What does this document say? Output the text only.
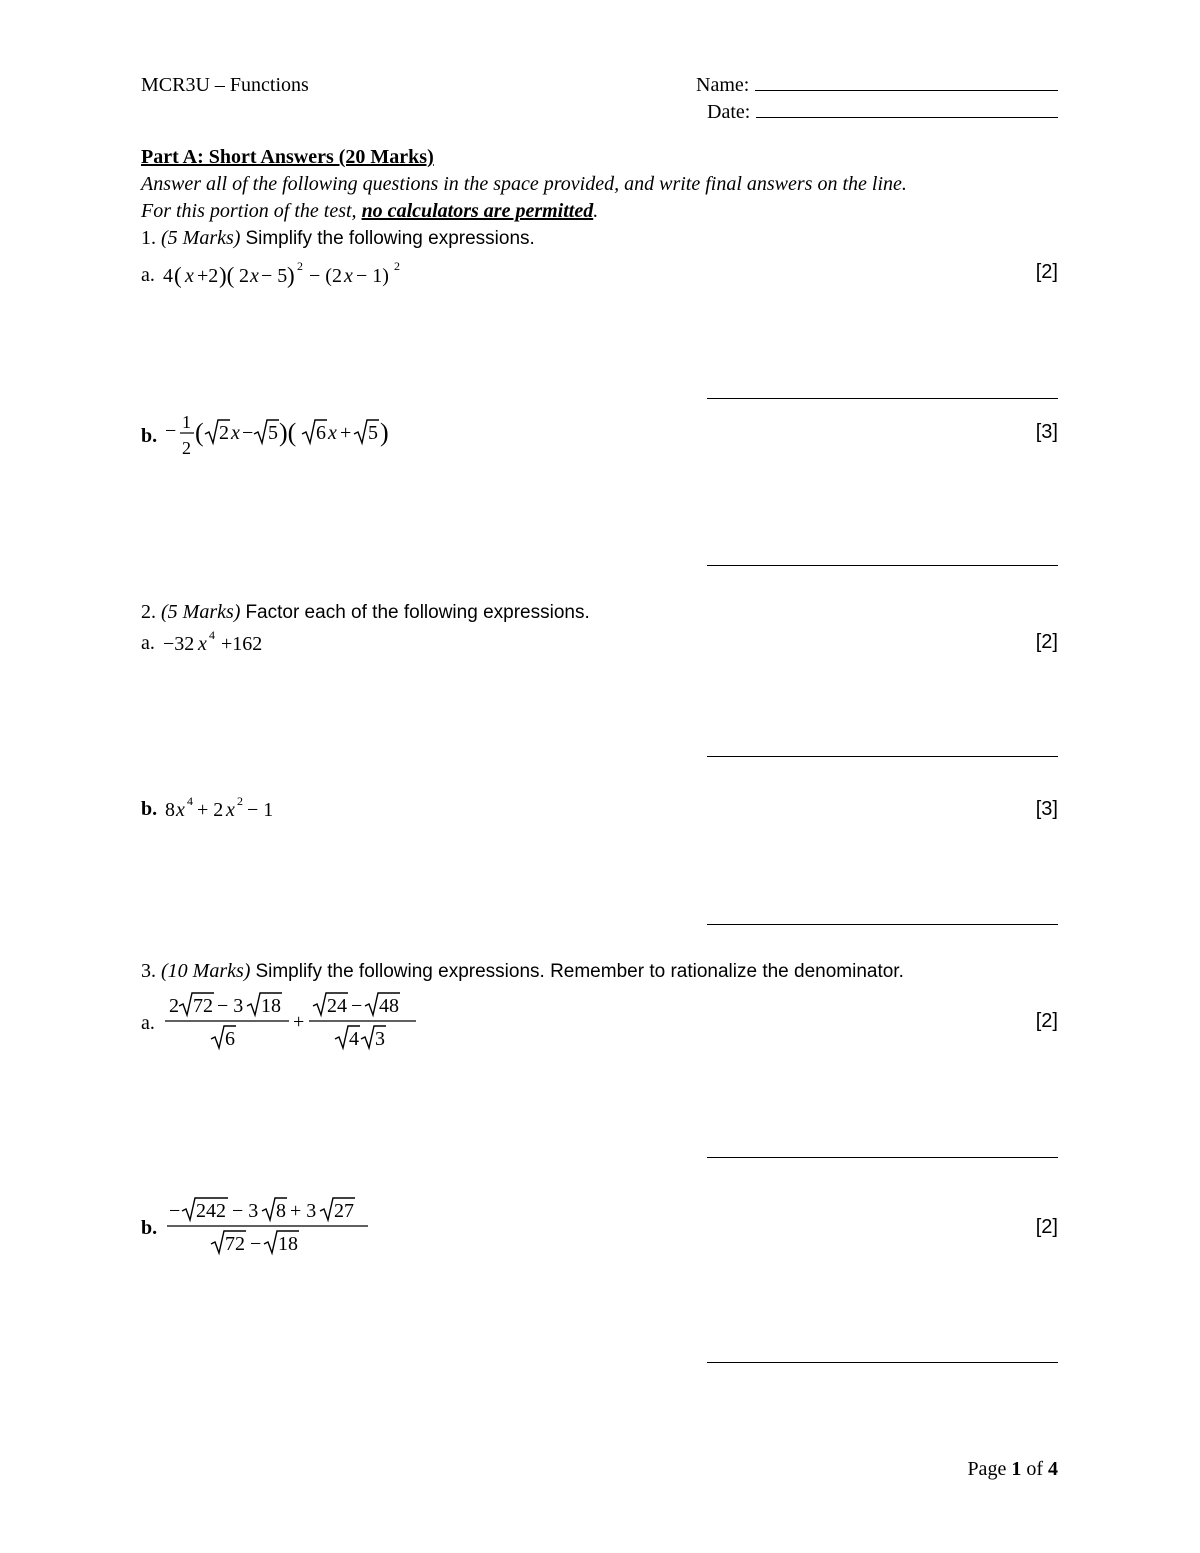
MCR3U – Functions	Name:
Date:
Part A: Short Answers (20 Marks)
Answer all of the following questions in the space provided, and write final answers on the line.
For this portion of the test, no calculators are permitted.
1. (5 Marks) Simplify the following expressions.
a. 4 ( x +2 )( 2 x − 5 ) 2 − (2 x − 1) 2	[2]
b. − 1
2
( 2 x − 5 )( 6 x + 5 )	[3]
2. (5 Marks) Factor each of the following expressions.
a. −32 x 4 +162	[2]
b. 8 x 4 + 2 x 2 − 1	[3]
3. (10 Marks) Simplify the following expressions. Remember to rationalize the denominator.
a.
2 72 − 3 18
6
+
24 − 48
4 3
[2]
b.
− 242 − 3 8 + 3 27
72 − 18
[2]
Page 1 of 4
